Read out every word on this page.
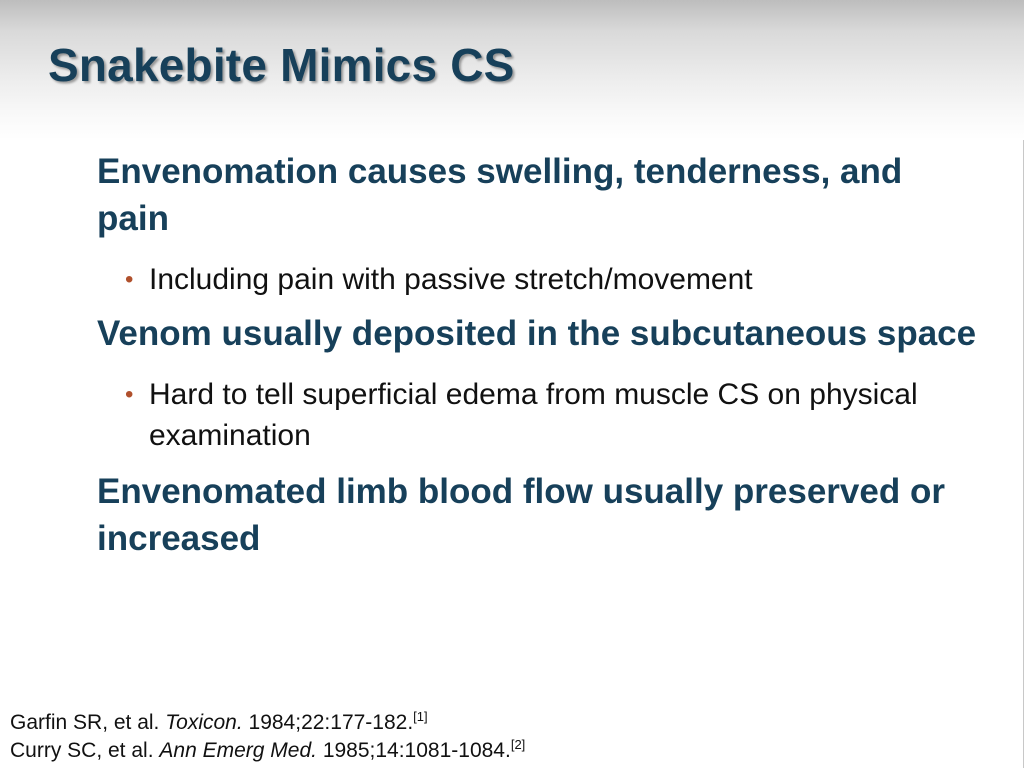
Snakebite Mimics CS

Envenomation causes swelling, tenderness, and pain

• Including pain with passive stretch/movement

Venom usually deposited in the subcutaneous space

• Hard to tell superficial edema from muscle CS on physical examination

Envenomated limb blood flow usually preserved or increased

Garfin SR, et al. Toxicon. 1984;22:177-182.[1]
Curry SC, et al. Ann Emerg Med. 1985;14:1081-1084.[2]
